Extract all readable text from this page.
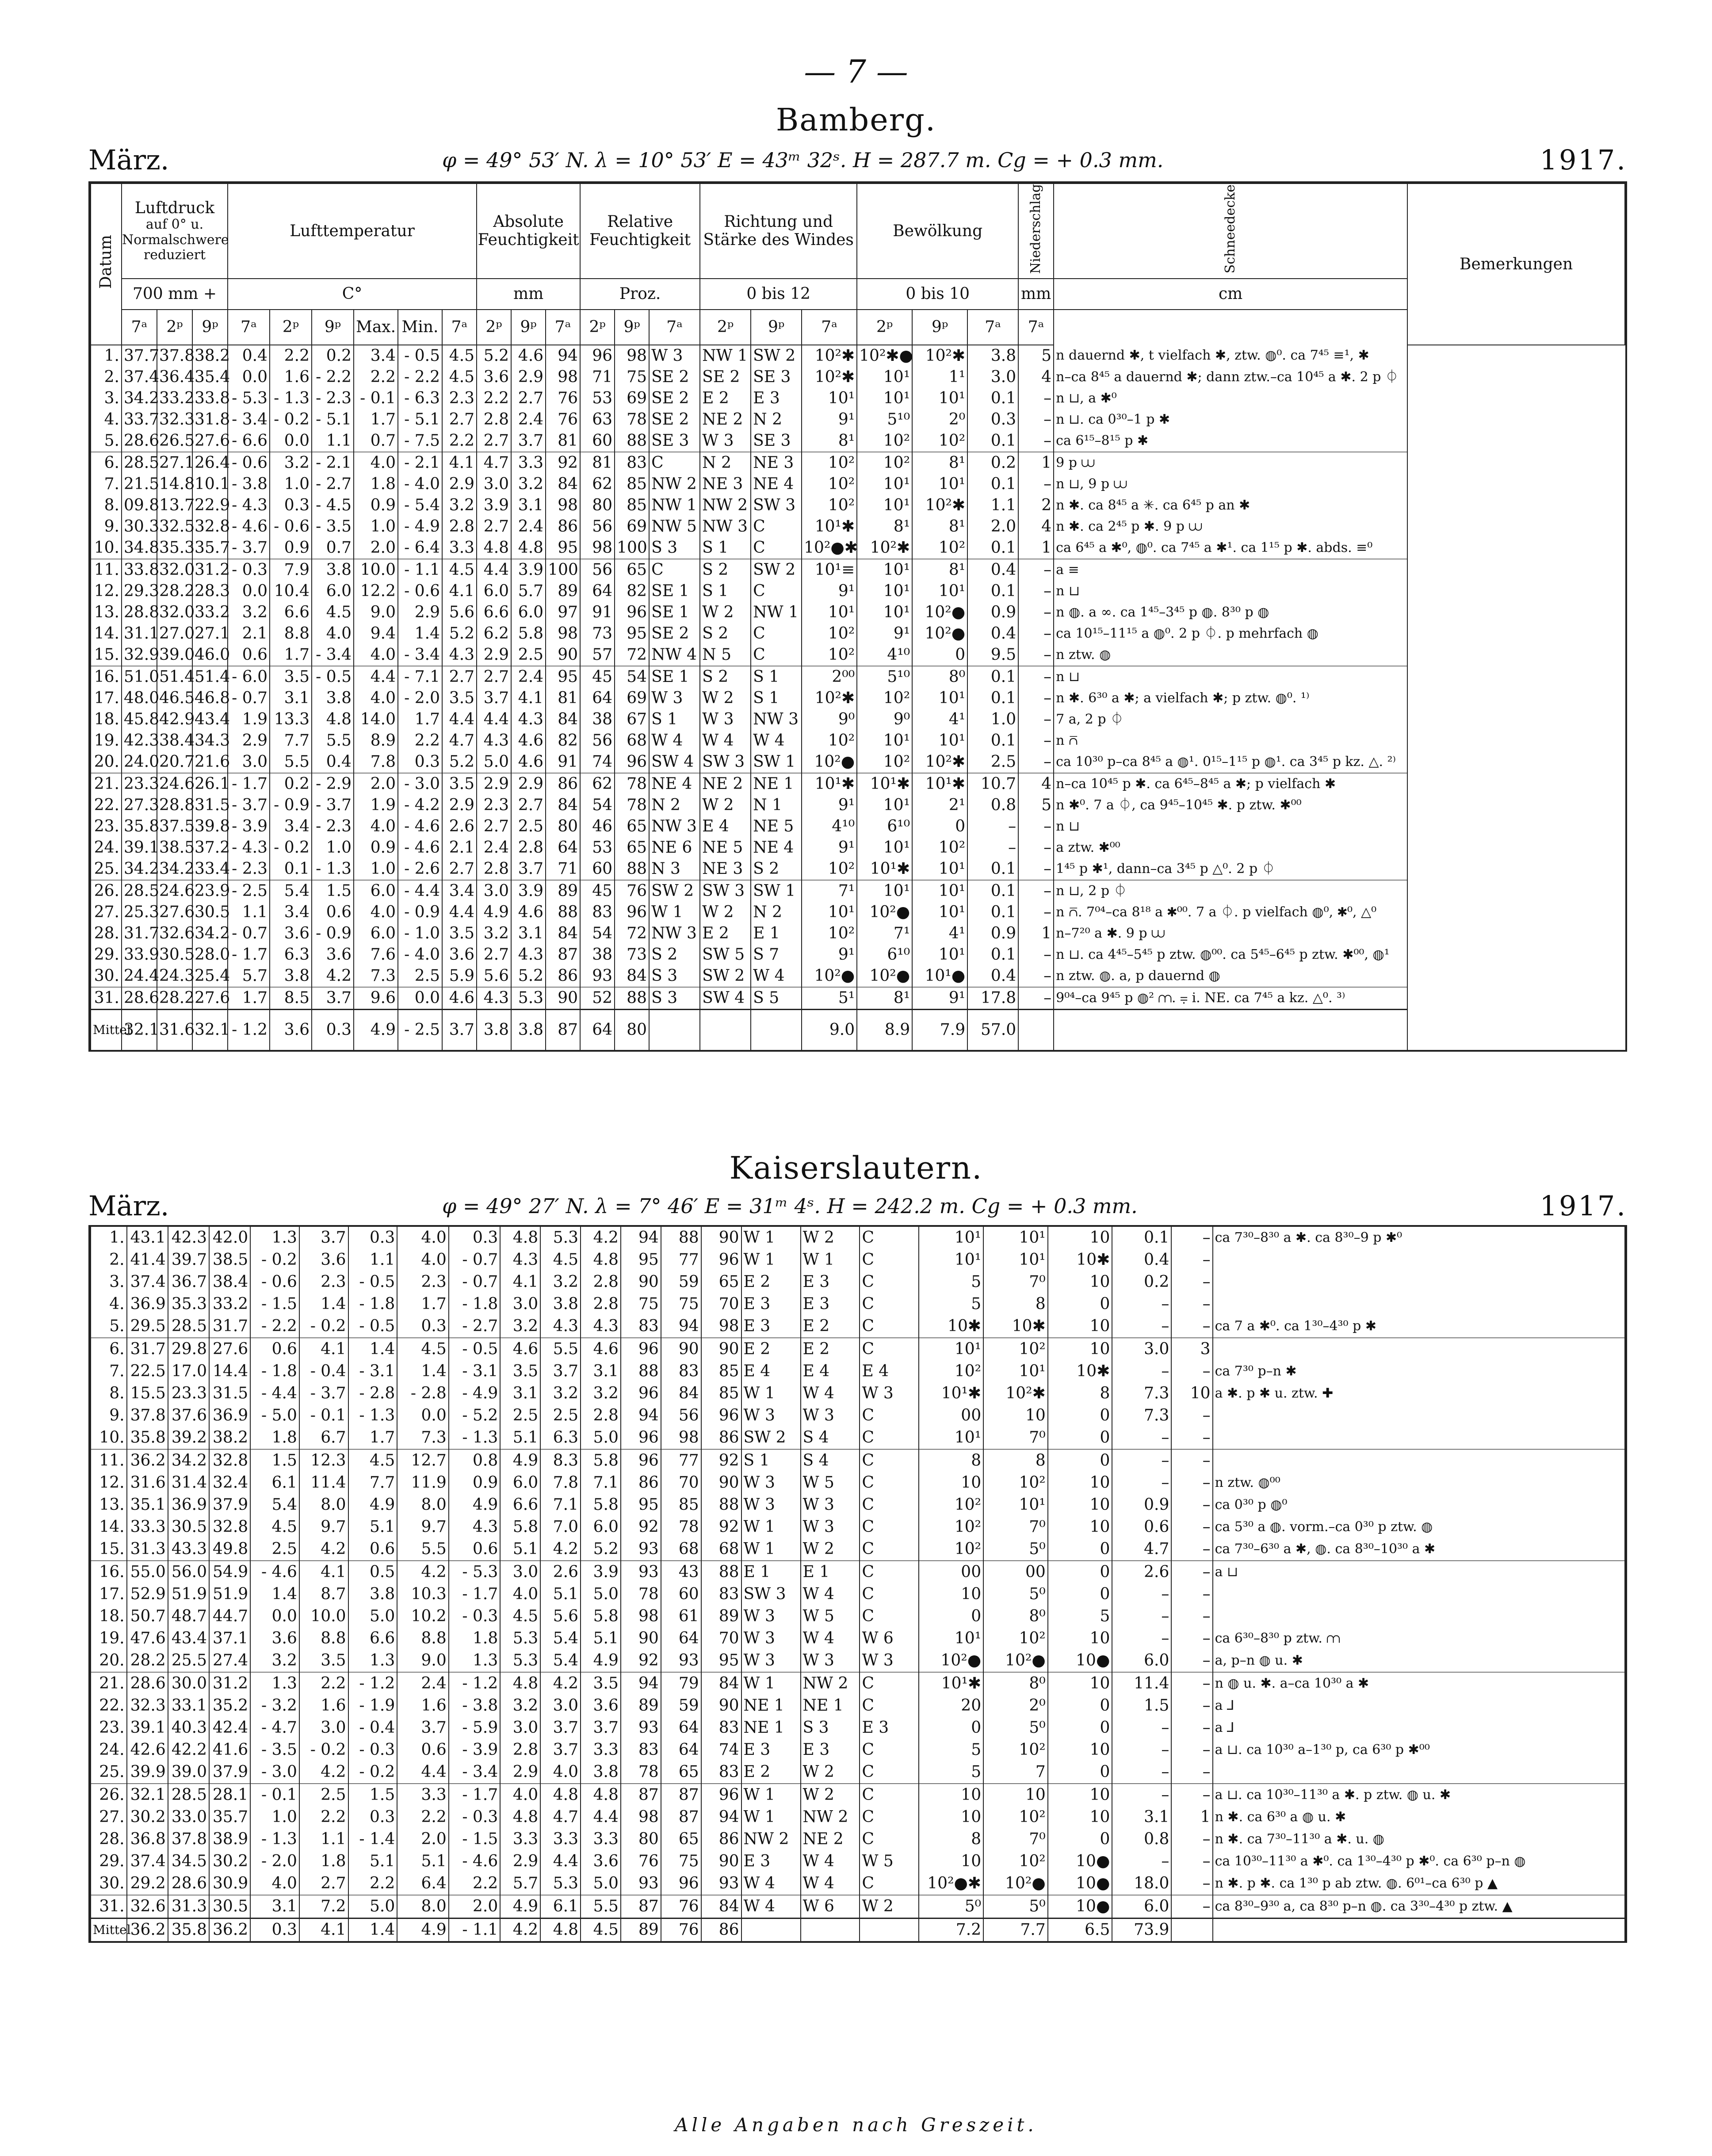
— 7 —
Bamberg.
März.	φ = 49° 53′ N. λ = 10° 53′ E = 43ᵐ 32ˢ. H = 287.7 m. Cg = + 0.3 mm.	1917.
Datum	Luftdruck
auf 0° u. Normalschwere reduziert			Lufttemperatur						Absolute Feuchtigkeit			Relative Feuchtigkeit			Richtung und Stärke des Windes			Bewölkung			Niederschlag	Schneedecke	Bemerkungen
	700 mm +			C°						mm			Proz.			0 bis 12			0 bis 10			mm	cm	
	7ᵃ	2ᵖ	9ᵖ	7ᵃ	2ᵖ	9ᵖ	Max.	Min.	7ᵃ	2ᵖ	9ᵖ	7ᵃ	2ᵖ	9ᵖ	7ᵃ	2ᵖ	9ᵖ	7ᵃ	2ᵖ	9ᵖ	7ᵃ	7ᵃ		
1.	37.7	37.8	38.2	0.4	2.2	0.2	3.4	- 0.5	4.5	5.2	4.6	94	96	98	W 3	NW 1	SW 2	10²✱	10²✱●	10²✱	3.8	5	n dauernd ✱, t vielfach ✱, ztw. ◍⁰. ca 7⁴⁵ ≡¹, ✱	
2.	37.4	36.4	35.4	0.0	1.6	- 2.2	2.2	- 2.2	4.5	3.6	2.9	98	71	75	SE 2	SE 2	SE 3	10²✱	10¹	1¹	3.0	4	n–ca 8⁴⁵ a dauernd ✱; dann ztw.–ca 10⁴⁵ a ✱. 2 p ⏀	
3.	34.2	33.2	33.8	- 5.3	- 1.3	- 2.3	- 0.1	- 6.3	2.3	2.2	2.7	76	53	69	SE 2	E 2	E 3	10¹	10¹	10¹	0.1	–	n ⊔, a ✱⁰	
4.	33.7	32.3	31.8	- 3.4	- 0.2	- 5.1	1.7	- 5.1	2.7	2.8	2.4	76	63	78	SE 2	NE 2	N 2	9¹	5¹⁰	2⁰	0.3	–	n ⊔. ca 0³⁰–1 p ✱	
5.	28.6	26.5	27.6	- 6.6	0.0	1.1	0.7	- 7.5	2.2	2.7	3.7	81	60	88	SE 3	W 3	SE 3	8¹	10²	10²	0.1	–	ca 6¹⁵–8¹⁵ p ✱	
6.	28.5	27.1	26.4	- 0.6	3.2	- 2.1	4.0	- 2.1	4.1	4.7	3.3	92	81	83	C	N 2	NE 3	10²	10²	8¹	0.2	1	9 p ⩊	
7.	21.5	14.8	10.1	- 3.8	1.0	- 2.7	1.8	- 4.0	2.9	3.0	3.2	84	62	85	NW 2	NE 3	NE 4	10²	10¹	10¹	0.1	–	n ⊔, 9 p ⩊	
8.	09.8	13.7	22.9	- 4.3	0.3	- 4.5	0.9	- 5.4	3.2	3.9	3.1	98	80	85	NW 1	NW 2	SW 3	10²	10¹	10²✱	1.1	2	n ✱. ca 8⁴⁵ a ✳. ca 6⁴⁵ p an ✱	
9.	30.3	32.5	32.8	- 4.6	- 0.6	- 3.5	1.0	- 4.9	2.8	2.7	2.4	86	56	69	NW 5	NW 3	C	10¹✱	8¹	8¹	2.0	4	n ✱. ca 2⁴⁵ p ✱. 9 p ⩊	
10.	34.8	35.3	35.7	- 3.7	0.9	0.7	2.0	- 6.4	3.3	4.8	4.8	95	98	100	S 3	S 1	C	10²●✱	10²✱	10²	0.1	1	ca 6⁴⁵ a ✱⁰, ◍⁰. ca 7⁴⁵ a ✱¹. ca 1¹⁵ p ✱. abds. ≡⁰	
11.	33.8	32.0	31.2	- 0.3	7.9	3.8	10.0	- 1.1	4.5	4.4	3.9	100	56	65	C	S 2	SW 2	10¹≡	10¹	8¹	0.4	–	a ≡	
12.	29.3	28.2	28.3	0.0	10.4	6.0	12.2	- 0.6	4.1	6.0	5.7	89	64	82	SE 1	S 1	C	9¹	10¹	10¹	0.1	–	n ⊔	
13.	28.8	32.0	33.2	3.2	6.6	4.5	9.0	2.9	5.6	6.6	6.0	97	91	96	SE 1	W 2	NW 1	10¹	10¹	10²●	0.9	–	n ◍. a ∞. ca 1⁴⁵–3⁴⁵ p ◍. 8³⁰ p ◍	
14.	31.1	27.0	27.1	2.1	8.8	4.0	9.4	1.4	5.2	6.2	5.8	98	73	95	SE 2	S 2	C	10²	9¹	10²●	0.4	–	ca 10¹⁵–11¹⁵ a ◍⁰. 2 p ⏀. p mehrfach ◍	
15.	32.9	39.0	46.0	0.6	1.7	- 3.4	4.0	- 3.4	4.3	2.9	2.5	90	57	72	NW 4	N 5	C	10²	4¹⁰	0	9.5	–	n ztw. ◍	
16.	51.0	51.4	51.4	- 6.0	3.5	- 0.5	4.4	- 7.1	2.7	2.7	2.4	95	45	54	SE 1	S 2	S 1	2⁰⁰	5¹⁰	8⁰	0.1	–	n ⊔	
17.	48.0	46.5	46.8	- 0.7	3.1	3.8	4.0	- 2.0	3.5	3.7	4.1	81	64	69	W 3	W 2	S 1	10²✱	10²	10¹	0.1	–	n ✱. 6³⁰ a ✱; a vielfach ✱; p ztw. ◍⁰. ¹⁾	
18.	45.8	42.9	43.4	1.9	13.3	4.8	14.0	1.7	4.4	4.4	4.3	84	38	67	S 1	W 3	NW 3	9⁰	9⁰	4¹	1.0	–	7 a, 2 p ⏀	
19.	42.3	38.4	34.3	2.9	7.7	5.5	8.9	2.2	4.7	4.3	4.6	82	56	68	W 4	W 4	W 4	10²	10¹	10¹	0.1	–	n ⩃	
20.	24.0	20.7	21.6	3.0	5.5	0.4	7.8	0.3	5.2	5.0	4.6	91	74	96	SW 4	SW 3	SW 1	10²●	10²	10²✱	2.5	–	ca 10³⁰ p–ca 8⁴⁵ a ◍¹. 0¹⁵–1¹⁵ p ◍¹. ca 3⁴⁵ p kz. △. ²⁾	
21.	23.3	24.6	26.1	- 1.7	0.2	- 2.9	2.0	- 3.0	3.5	2.9	2.9	86	62	78	NE 4	NE 2	NE 1	10¹✱	10¹✱	10¹✱	10.7	4	n–ca 10⁴⁵ p ✱. ca 6⁴⁵–8⁴⁵ a ✱; p vielfach ✱	
22.	27.3	28.8	31.5	- 3.7	- 0.9	- 3.7	1.9	- 4.2	2.9	2.3	2.7	84	54	78	N 2	W 2	N 1	9¹	10¹	2¹	0.8	5	n ✱⁰. 7 a ⏀, ca 9⁴⁵–10⁴⁵ ✱. p ztw. ✱⁰⁰	
23.	35.8	37.5	39.8	- 3.9	3.4	- 2.3	4.0	- 4.6	2.6	2.7	2.5	80	46	65	NW 3	E 4	NE 5	4¹⁰	6¹⁰	0	–	–	n ⊔	
24.	39.1	38.5	37.2	- 4.3	- 0.2	1.0	0.9	- 4.6	2.1	2.4	2.8	64	53	65	NE 6	NE 5	NE 4	9¹	10¹	10²	–	–	a ztw. ✱⁰⁰	
25.	34.2	34.2	33.4	- 2.3	0.1	- 1.3	1.0	- 2.6	2.7	2.8	3.7	71	60	88	N 3	NE 3	S 2	10²	10¹✱	10¹	0.1	–	1⁴⁵ p ✱¹, dann–ca 3⁴⁵ p △⁰. 2 p ⏀	
26.	28.5	24.6	23.9	- 2.5	5.4	1.5	6.0	- 4.4	3.4	3.0	3.9	89	45	76	SW 2	SW 3	SW 1	7¹	10¹	10¹	0.1	–	n ⊔, 2 p ⏀	
27.	25.3	27.6	30.5	1.1	3.4	0.6	4.0	- 0.9	4.4	4.9	4.6	88	83	96	W 1	W 2	N 2	10¹	10²●	10¹	0.1	–	n ⩃. 7⁰⁴–ca 8¹⁸ a ✱⁰⁰. 7 a ⏀. p vielfach ◍⁰, ✱⁰, △⁰	
28.	31.7	32.6	34.2	- 0.7	3.6	- 0.9	6.0	- 1.0	3.5	3.2	3.1	84	54	72	NW 3	E 2	E 1	10²	7¹	4¹	0.9	1	n–7²⁰ a ✱. 9 p ⩊	
29.	33.9	30.5	28.0	- 1.7	6.3	3.6	7.6	- 4.0	3.6	2.7	4.3	87	38	73	S 2	SW 5	S 7	9¹	6¹⁰	10¹	0.1	–	n ⊔. ca 4⁴⁵–5⁴⁵ p ztw. ◍⁰⁰. ca 5⁴⁵–6⁴⁵ p ztw. ✱⁰⁰, ◍¹	
30.	24.4	24.3	25.4	5.7	3.8	4.2	7.3	2.5	5.9	5.6	5.2	86	93	84	S 3	SW 2	W 4	10²●	10²●	10¹●	0.4	–	n ztw. ◍. a, p dauernd ◍	
31.	28.6	28.2	27.6	1.7	8.5	3.7	9.6	0.0	4.6	4.3	5.3	90	52	88	S 3	SW 4	S 5	5¹	8¹	9¹	17.8	–	9⁰⁴–ca 9⁴⁵ p ◍² ⩋. ⩦ i. NE. ca 7⁴⁵ a kz. △⁰. ³⁾	
Mittel	32.1	31.6	32.1	- 1.2	3.6	0.3	4.9	- 2.5	3.7	3.8	3.8	87	64	80				9.0	8.9	7.9	57.0			
Kaiserslautern.
März.	φ = 49° 27′ N. λ = 7° 46′ E = 31ᵐ 4ˢ. H = 242.2 m. Cg = + 0.3 mm.	1917.
1.	43.1	42.3	42.0	1.3	3.7	0.3	4.0	0.3	4.8	5.3	4.2	94	88	90	W 1	W 2	C	10¹	10¹	10	0.1	–	ca 7³⁰–8³⁰ a ✱. ca 8³⁰–9 p ✱⁰
2.	41.4	39.7	38.5	- 0.2	3.6	1.1	4.0	- 0.7	4.3	4.5	4.8	95	77	96	W 1	W 1	C	10¹	10¹	10✱	0.4	–	
3.	37.4	36.7	38.4	- 0.6	2.3	- 0.5	2.3	- 0.7	4.1	3.2	2.8	90	59	65	E 2	E 3	C	5	7⁰	10	0.2	–	
4.	36.9	35.3	33.2	- 1.5	1.4	- 1.8	1.7	- 1.8	3.0	3.8	2.8	75	75	70	E 3	E 3	C	5	8	0	–	–	
5.	29.5	28.5	31.7	- 2.2	- 0.2	- 0.5	0.3	- 2.7	3.2	4.3	4.3	83	94	98	E 3	E 2	C	10✱	10✱	10	–	–	ca 7 a ✱⁰. ca 1³⁰–4³⁰ p ✱
6.	31.7	29.8	27.6	0.6	4.1	1.4	4.5	- 0.5	4.6	5.5	4.6	96	90	90	E 2	E 2	C	10¹	10²	10	3.0	3	
7.	22.5	17.0	14.4	- 1.8	- 0.4	- 3.1	1.4	- 3.1	3.5	3.7	3.1	88	83	85	E 4	E 4	E 4	10²	10¹	10✱	–	–	ca 7³⁰ p–n ✱
8.	15.5	23.3	31.5	- 4.4	- 3.7	- 2.8	- 2.8	- 4.9	3.1	3.2	3.2	96	84	85	W 1	W 4	W 3	10¹✱	10²✱	8	7.3	10	a ✱. p ✱ u. ztw. ✚
9.	37.8	37.6	36.9	- 5.0	- 0.1	- 1.3	0.0	- 5.2	2.5	2.5	2.8	94	56	96	W 3	W 3	C	00	10	0	7.3	–	
10.	35.8	39.2	38.2	1.8	6.7	1.7	7.3	- 1.3	5.1	6.3	5.0	96	98	86	SW 2	S 4	C	10¹	7⁰	0	–	–	
11.	36.2	34.2	32.8	1.5	12.3	4.5	12.7	0.8	4.9	8.3	5.8	96	77	92	S 1	S 4	C	8	8	0	–	–	
12.	31.6	31.4	32.4	6.1	11.4	7.7	11.9	0.9	6.0	7.8	7.1	86	70	90	W 3	W 5	C	10	10²	10	–	–	n ztw. ◍⁰⁰
13.	35.1	36.9	37.9	5.4	8.0	4.9	8.0	4.9	6.6	7.1	5.8	95	85	88	W 3	W 3	C	10²	10¹	10	0.9	–	ca 0³⁰ p ◍⁰
14.	33.3	30.5	32.8	4.5	9.7	5.1	9.7	4.3	5.8	7.0	6.0	92	78	92	W 1	W 3	C	10²	7⁰	10	0.6	–	ca 5³⁰ a ◍. vorm.–ca 0³⁰ p ztw. ◍
15.	31.3	43.3	49.8	2.5	4.2	0.6	5.5	0.6	5.1	4.2	5.2	93	68	68	W 1	W 2	C	10²	5⁰	0	4.7	–	ca 7³⁰–6³⁰ a ✱, ◍. ca 8³⁰–10³⁰ a ✱
16.	55.0	56.0	54.9	- 4.6	4.1	0.5	4.2	- 5.3	3.0	2.6	3.9	93	43	88	E 1	E 1	C	00	00	0	2.6	–	a ⊔
17.	52.9	51.9	51.9	1.4	8.7	3.8	10.3	- 1.7	4.0	5.1	5.0	78	60	83	SW 3	W 4	C	10	5⁰	0	–	–	
18.	50.7	48.7	44.7	0.0	10.0	5.0	10.2	- 0.3	4.5	5.6	5.8	98	61	89	W 3	W 5	C	0	8⁰	5	–	–	
19.	47.6	43.4	37.1	3.6	8.8	6.6	8.8	1.8	5.3	5.4	5.1	90	64	70	W 3	W 4	W 6	10¹	10²	10	–	–	ca 6³⁰–8³⁰ p ztw. ⩋
20.	28.2	25.5	27.4	3.2	3.5	1.3	9.0	1.3	5.3	5.4	4.9	92	93	95	W 3	W 3	W 3	10²●	10²●	10●	6.0	–	a, p–n ◍ u. ✱
21.	28.6	30.0	31.2	1.3	2.2	- 1.2	2.4	- 1.2	4.8	4.2	3.5	94	79	84	W 1	NW 2	C	10¹✱	8⁰	10	11.4	–	n ◍ u. ✱. a–ca 10³⁰ a ✱
22.	32.3	33.1	35.2	- 3.2	1.6	- 1.9	1.6	- 3.8	3.2	3.0	3.6	89	59	90	NE 1	NE 1	C	20	2⁰	0	1.5	–	a ⅃
23.	39.1	40.3	42.4	- 4.7	3.0	- 0.4	3.7	- 5.9	3.0	3.7	3.7	93	64	83	NE 1	S 3	E 3	0	5⁰	0	–	–	a ⅃
24.	42.6	42.2	41.6	- 3.5	- 0.2	- 0.3	0.6	- 3.9	2.8	3.7	3.3	83	64	74	E 3	E 3	C	5	10²	10	–	–	a ⊔. ca 10³⁰ a–1³⁰ p, ca 6³⁰ p ✱⁰⁰
25.	39.9	39.0	37.9	- 3.0	4.2	- 0.2	4.4	- 3.4	2.9	4.0	3.8	78	65	83	E 2	W 2	C	5	7	0	–	–	
26.	32.1	28.5	28.1	- 0.1	2.5	1.5	3.3	- 1.7	4.0	4.8	4.8	87	87	96	W 1	W 2	C	10	10	10	–	–	a ⊔. ca 10³⁰–11³⁰ a ✱. p ztw. ◍ u. ✱
27.	30.2	33.0	35.7	1.0	2.2	0.3	2.2	- 0.3	4.8	4.7	4.4	98	87	94	W 1	NW 2	C	10	10²	10	3.1	1	n ✱. ca 6³⁰ a ◍ u. ✱
28.	36.8	37.8	38.9	- 1.3	1.1	- 1.4	2.0	- 1.5	3.3	3.3	3.3	80	65	86	NW 2	NE 2	C	8	7⁰	0	0.8	–	n ✱. ca 7³⁰–11³⁰ a ✱. u. ◍
29.	37.4	34.5	30.2	- 2.0	1.8	5.1	5.1	- 4.6	2.9	4.4	3.6	76	75	90	E 3	W 4	W 5	10	10²	10●	–	–	ca 10³⁰–11³⁰ a ✱⁰. ca 1³⁰–4³⁰ p ✱⁰. ca 6³⁰ p–n ◍
30.	29.2	28.6	30.9	4.0	2.7	2.2	6.4	2.2	5.7	5.3	5.0	93	96	93	W 4	W 4	C	10²●✱	10²●	10●	18.0	–	n ✱. p ✱. ca 1³⁰ p ab ztw. ◍. 6⁰¹–ca 6³⁰ p ▲
31.	32.6	31.3	30.5	3.1	7.2	5.0	8.0	2.0	4.9	6.1	5.5	87	76	84	W 4	W 6	W 2	5⁰	5⁰	10●	6.0	–	ca 8³⁰–9³⁰ a, ca 8³⁰ p–n ◍. ca 3³⁰–4³⁰ p ztw. ▲
Mittel	36.2	35.8	36.2	0.3	4.1	1.4	4.9	- 1.1	4.2	4.8	4.5	89	76	86				7.2	7.7	6.5	73.9		
Alle Angaben nach Greszeit.
